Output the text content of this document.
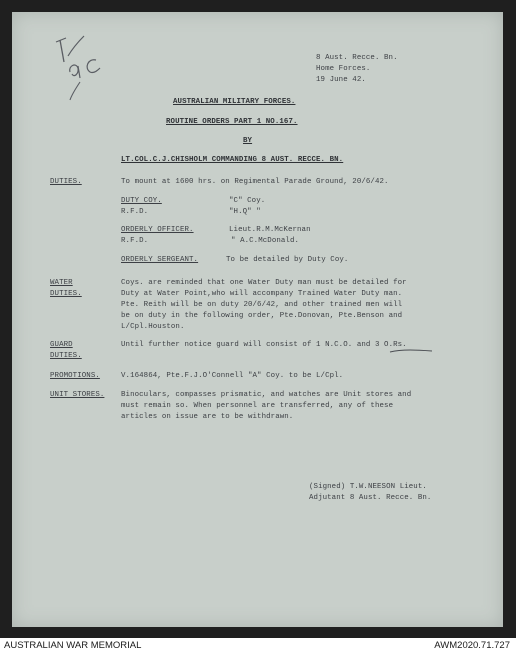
8 Aust. Recce. Bn.
Home Forces.
19 June 42.
AUSTRALIAN MILITARY FORCES.
ROUTINE ORDERS PART 1 NO.167.
BY
LT.COL.C.J.CHISHOLM COMMANDING 8 AUST. RECCE. BN.
DUTIES.	To mount at 1600 hrs. on Regimental Parade Ground, 20/6/42.
DUTY COY.	"C" Coy.
R.F.D.	"H.Q" "
ORDERLY OFFICER.	Lieut.R.M.McKernan
R.F.D.	" A.C.McDonald.
ORDERLY SERGEANT.	To be detailed by Duty Coy.
WATER
DUTIES.
Coys. are reminded that one Water Duty man must be detailed for
Duty at Water Point,who will accompany Trained Water Duty man.
Pte. Reith will be on duty 20/6/42, and other trained men will
be on duty in the following order, Pte.Donovan, Pte.Benson and
L/Cpl.Houston.
GUARD
DUTIES.
Until further notice guard will consist of 1 N.C.O. and 3 O.Rs.
PROMOTIONS.	V.164864, Pte.F.J.O'Connell "A" Coy. to be L/Cpl.
UNIT STORES. Binoculars, compasses prismatic, and watches are Unit stores and
must remain so. When personnel are transferred, any of these
articles on issue are to be withdrawn.
(Signed) T.W.NEESON Lieut.
Adjutant 8 Aust. Recce. Bn.
AUSTRALIAN WAR MEMORIAL	AWM2020.71.727
